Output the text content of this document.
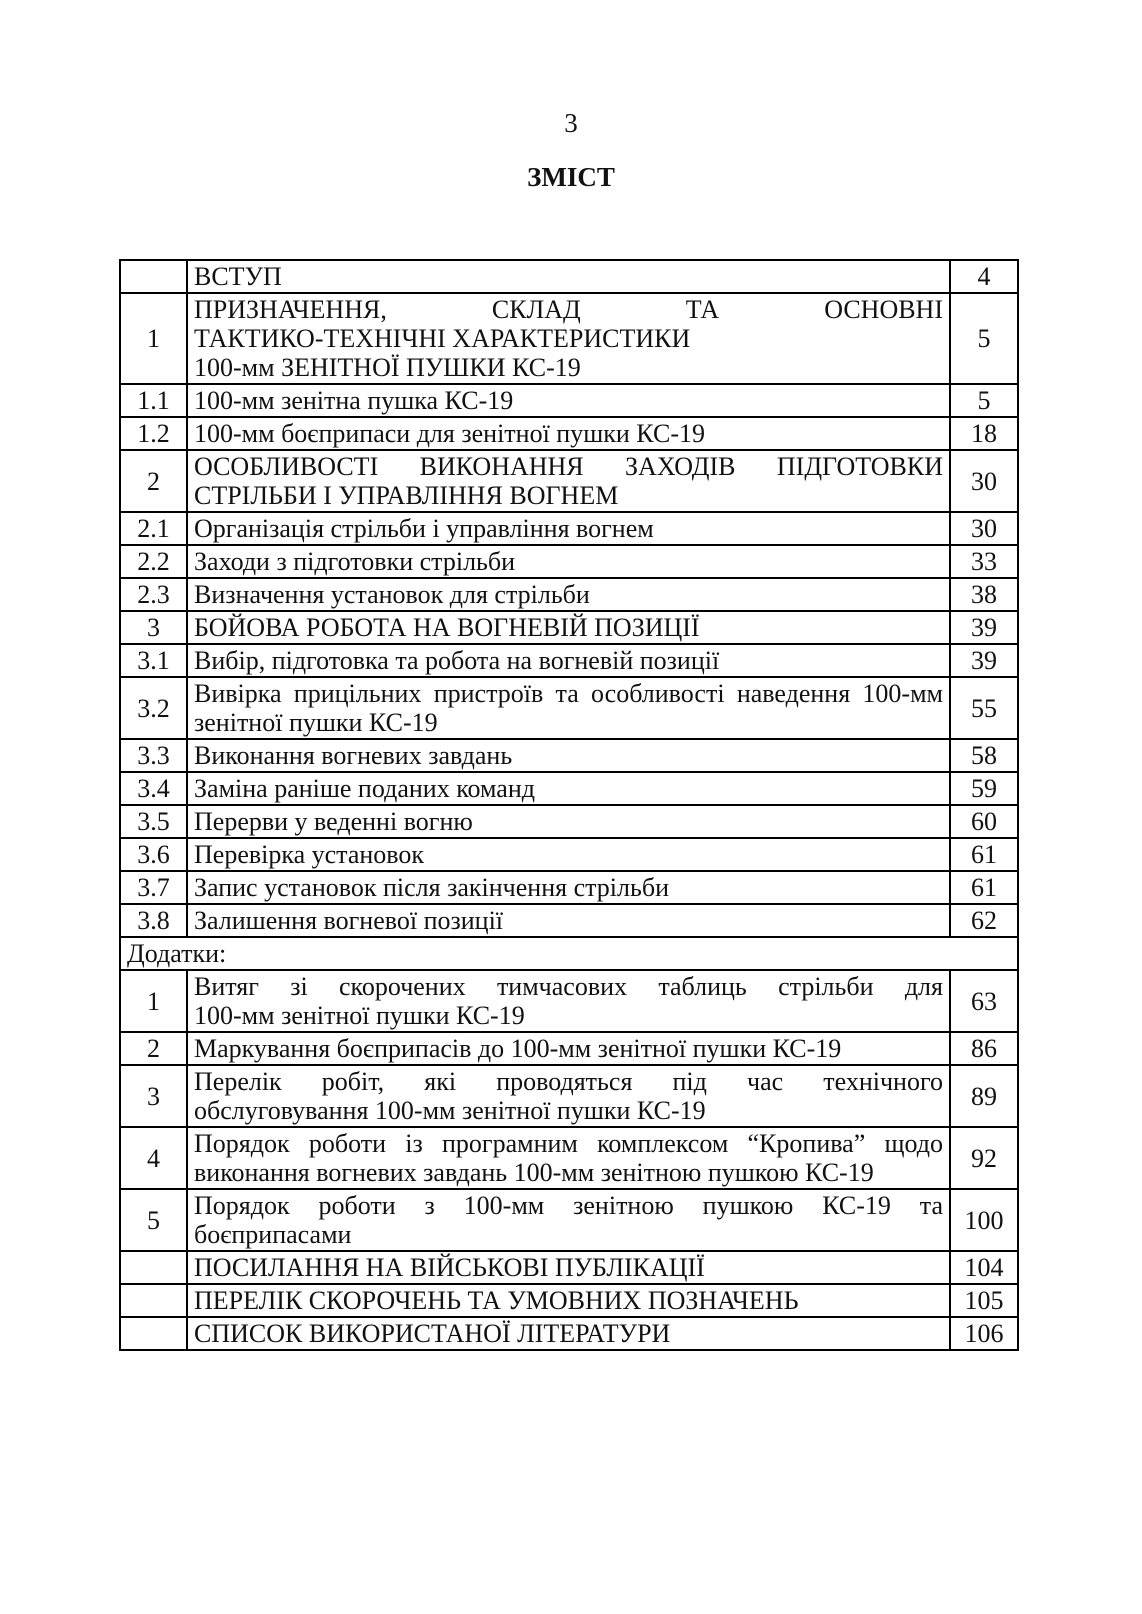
3
ЗМІСТ

	ВСТУП	4
1	ПРИЗНАЧЕННЯ, СКЛАД ТА ОСНОВНІ
ТАКТИКО-ТЕХНІЧНІ ХАРАКТЕРИСТИКИ
100-мм ЗЕНІТНОЇ ПУШКИ КС-19	5
1.1	100-мм зенітна пушка КС-19	5
1.2	100-мм боєприпаси для зенітної пушки КС-19	18
2	ОСОБЛИВОСТІ ВИКОНАННЯ ЗАХОДІВ ПІДГОТОВКИ
СТРІЛЬБИ І УПРАВЛІННЯ ВОГНЕМ	30
2.1	Організація стрільби і управління вогнем	30
2.2	Заходи з підготовки стрільби	33
2.3	Визначення установок для стрільби	38
3	БОЙОВА РОБОТА НА ВОГНЕВІЙ ПОЗИЦІЇ	39
3.1	Вибір, підготовка та робота на вогневій позиції	39
3.2	Вивірка прицільних пристроїв та особливості наведення 100-мм
зенітної пушки КС-19	55
3.3	Виконання вогневих завдань	58
3.4	Заміна раніше поданих команд	59
3.5	Перерви у веденні вогню	60
3.6	Перевірка установок	61
3.7	Запис установок після закінчення стрільби	61
3.8	Залишення вогневої позиції	62
Додатки:		
1	Витяг зі скорочених тимчасових таблиць стрільби для
100-мм зенітної пушки КС-19	63
2	Маркування боєприпасів до 100-мм зенітної пушки КС-19	86
3	Перелік робіт, які проводяться під час технічного
обслуговування 100-мм зенітної пушки КС-19	89
4	Порядок роботи із програмним комплексом “Кропива” щодо
виконання вогневих завдань 100-мм зенітною пушкою КС-19	92
5	Порядок роботи з 100-мм зенітною пушкою КС-19 та
боєприпасами	100

	ПОСИЛАННЯ НА ВІЙСЬКОВІ ПУБЛІКАЦІЇ	104

	ПЕРЕЛІК СКОРОЧЕНЬ ТА УМОВНИХ ПОЗНАЧЕНЬ	105

	СПИСОК ВИКОРИСТАНОЇ ЛІТЕРАТУРИ	106
